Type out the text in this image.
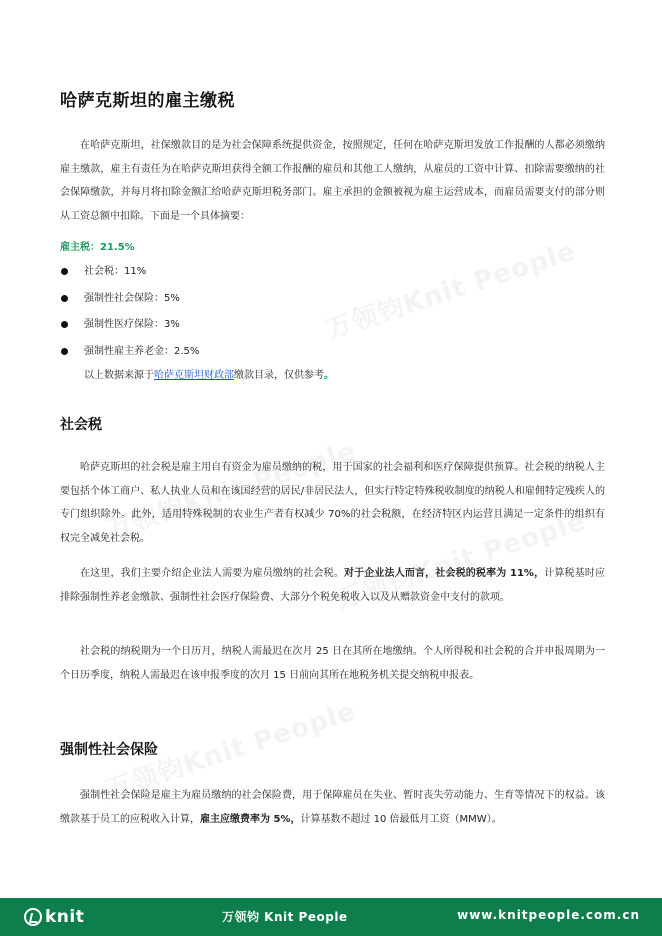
哈萨克斯坦的雇主缴税

在哈萨克斯坦，社保缴款目的是为社会保障系统提供资金，按照规定，任何在哈萨克斯坦发放工作报酬的人都必须缴纳雇主缴款，雇主有责任为在哈萨克斯坦获得全额工作报酬的雇员和其他工人缴纳，从雇员的工资中计算、扣除需要缴纳的社会保障缴款，并每月将扣除金额汇给哈萨克斯坦税务部门。雇主承担的金额被视为雇主运营成本，而雇员需要支付的部分则从工资总额中扣除。下面是一个具体摘要：

雇主税：21.5%
社会税：11%
强制性社会保险：5%
强制性医疗保险：3%
强制性雇主养老金：2.5%
以上数据来源于哈萨克斯坦财政部缴款目录，仅供参考。
社会税

哈萨克斯坦的社会税是雇主用自有资金为雇员缴纳的税，用于国家的社会福利和医疗保障提供预算。社会税的纳税人主要包括个体工商户、私人执业人员和在该国经营的居民/非居民法人，但实行特定特殊税收制度的纳税人和雇佣特定残疾人的专门组织除外。此外，适用特殊税制的农业生产者有权减少 70%的社会税额，在经济特区内运营且满足一定条件的组织有权完全减免社会税。

在这里，我们主要介绍企业法人需要为雇员缴纳的社会税。对于企业法人而言，社会税的税率为 11%，计算税基时应排除强制性养老金缴款、强制性社会医疗保险费、大部分个税免税收入以及从赠款资金中支付的款项。

社会税的纳税期为一个日历月，纳税人需最迟在次月 25 日在其所在地缴纳。个人所得税和社会税的合并申报周期为一个日历季度，纳税人需最迟在该申报季度的次月 15 日前向其所在地税务机关提交纳税申报表。

强制性社会保险

强制性社会保险是雇主为雇员缴纳的社会保险费，用于保障雇员在失业、暂时丧失劳动能力、生育等情况下的权益。该缴款基于员工的应税收入计算，雇主应缴费率为 5%，计算基数不超过 10 倍最低月工资（MMW）。

knit	万领钧 Knit People	www.knitpeople.com.cn
